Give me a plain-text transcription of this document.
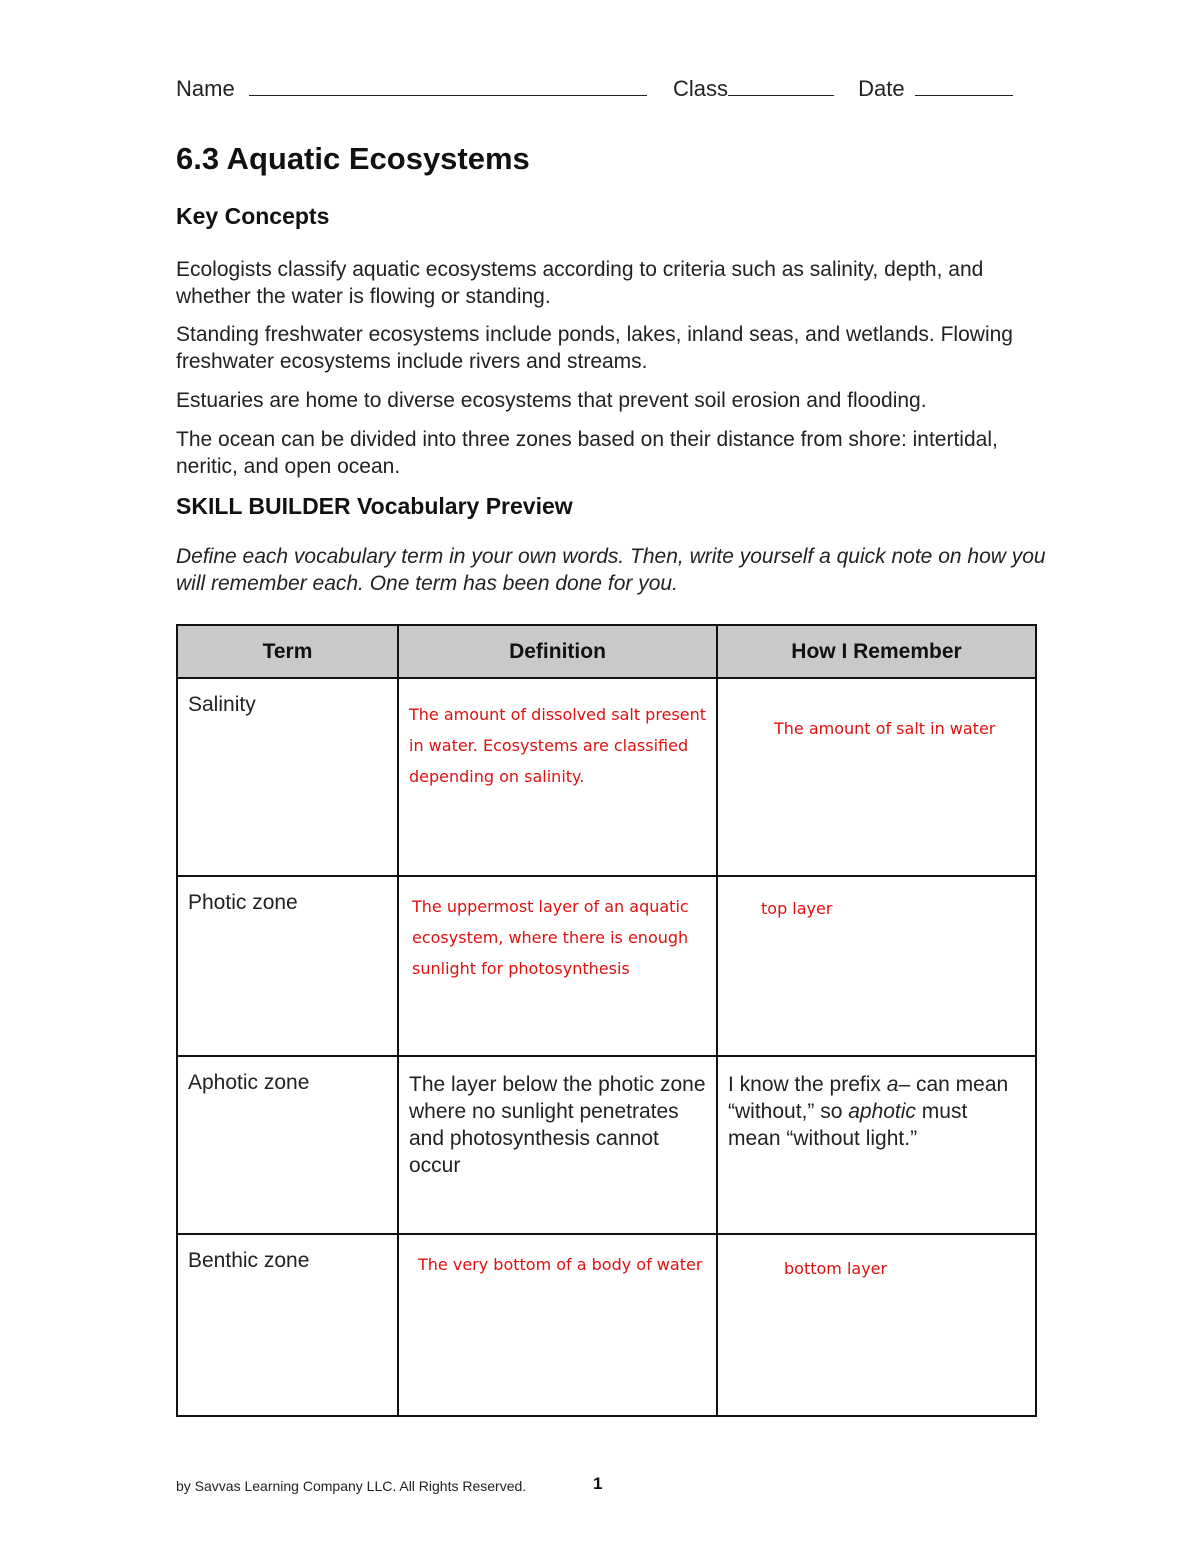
Name	Class	Date
6.3 Aquatic Ecosystems
Key Concepts
Ecologists classify aquatic ecosystems according to criteria such as salinity, depth, and whether the water is flowing or standing.
Standing freshwater ecosystems include ponds, lakes, inland seas, and wetlands. Flowing freshwater ecosystems include rivers and streams.
Estuaries are home to diverse ecosystems that prevent soil erosion and flooding.
The ocean can be divided into three zones based on their distance from shore: intertidal, neritic, and open ocean.
SKILL BUILDER Vocabulary Preview
Define each vocabulary term in your own words. Then, write yourself a quick note on how you will remember each. One term has been done for you.
Term	Definition	How I Remember
Salinity	The amount of dissolved salt present
in water. Ecosystems are classified
depending on salinity.	The amount of salt in water
Photic zone	The uppermost layer of an aquatic
ecosystem, where there is enough
sunlight for photosynthesis	top layer
Aphotic zone	The layer below the photic zone where no sunlight penetrates and photosynthesis cannot occur	I know the prefix a– can mean “without,” so aphotic must mean “without light.”
Benthic zone	The very bottom of a body of water	bottom layer
by Savvas Learning Company LLC. All Rights Reserved.	1
